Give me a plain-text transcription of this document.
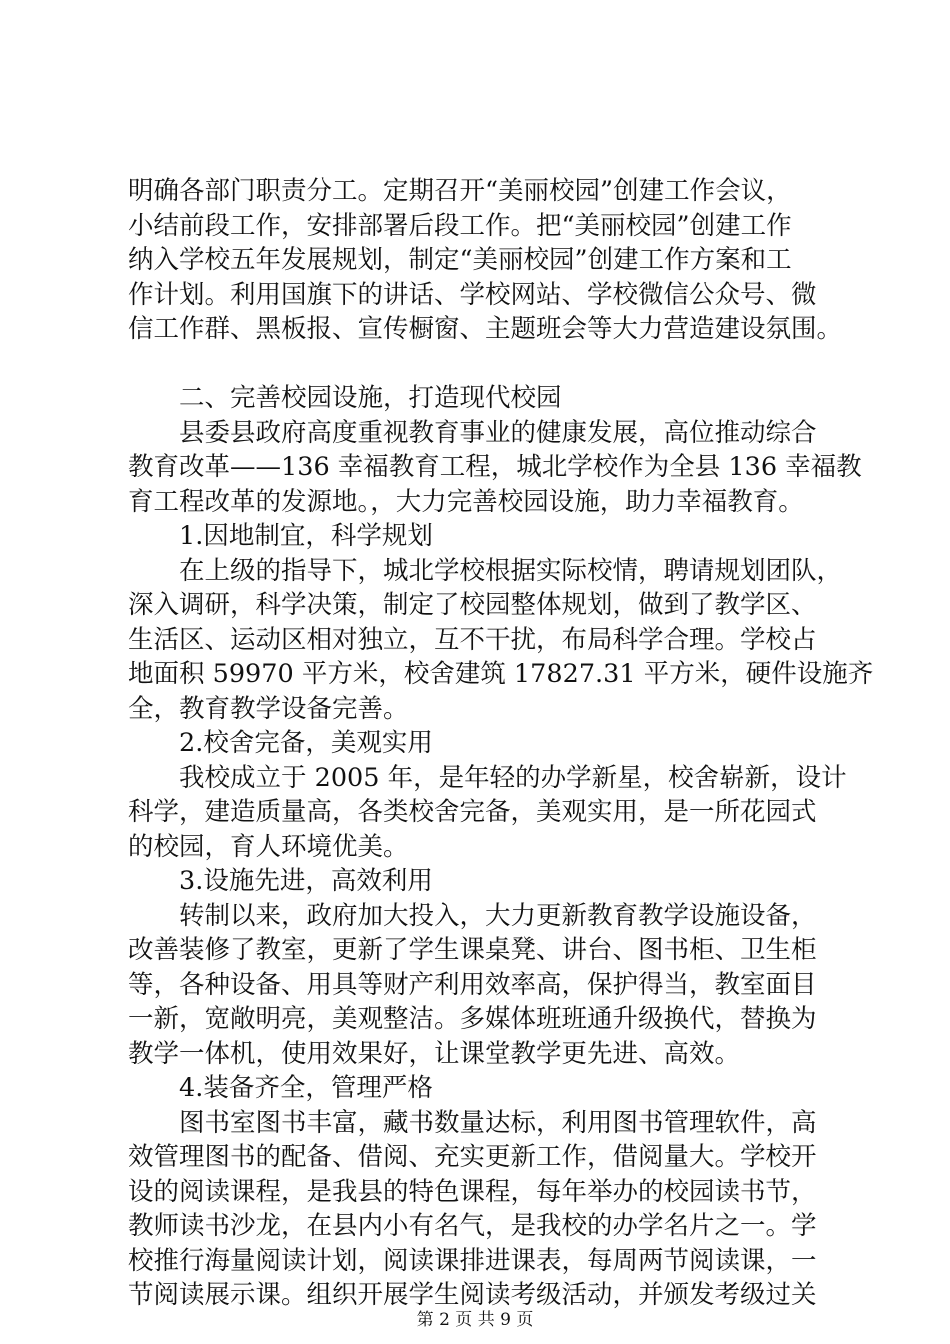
明确各部门职责分工。定期召开“美丽校园”创建工作会议，
小结前段工作，安排部署后段工作。把“美丽校园”创建工作
纳入学校五年发展规划，制定“美丽校园”创建工作方案和工
作计划。利用国旗下的讲话、学校网站、学校微信公众号、微
信工作群、黑板报、宣传橱窗、主题班会等大力营造建设氛围。
　　二、完善校园设施，打造现代校园
　　县委县政府高度重视教育事业的健康发展，高位推动综合
教育改革——136 幸福教育工程，城北学校作为全县 136 幸福教
育工程改革的发源地。，大力完善校园设施，助力幸福教育。
　　1.因地制宜，科学规划
　　在上级的指导下，城北学校根据实际校情，聘请规划团队，
深入调研，科学决策，制定了校园整体规划，做到了教学区、
生活区、运动区相对独立，互不干扰，布局科学合理。学校占
地面积 59970 平方米，校舍建筑 17827.31 平方米，硬件设施齐
全，教育教学设备完善。
　　2.校舍完备，美观实用
　　我校成立于 2005 年，是年轻的办学新星，校舍崭新，设计
科学，建造质量高，各类校舍完备，美观实用，是一所花园式
的校园，育人环境优美。
　　3.设施先进，高效利用
　　转制以来，政府加大投入，大力更新教育教学设施设备，
改善装修了教室，更新了学生课桌凳、讲台、图书柜、卫生柜
等，各种设备、用具等财产利用效率高，保护得当，教室面目
一新，宽敞明亮，美观整洁。多媒体班班通升级换代，替换为
教学一体机，使用效果好，让课堂教学更先进、高效。
　　4.装备齐全，管理严格
　　图书室图书丰富，藏书数量达标，利用图书管理软件，高
效管理图书的配备、借阅、充实更新工作，借阅量大。学校开
设的阅读课程，是我县的特色课程，每年举办的校园读书节，
教师读书沙龙，在县内小有名气，是我校的办学名片之一。学
校推行海量阅读计划，阅读课排进课表，每周两节阅读课，一
节阅读展示课。组织开展学生阅读考级活动，并颁发考级过关
第 2 页 共 9 页
